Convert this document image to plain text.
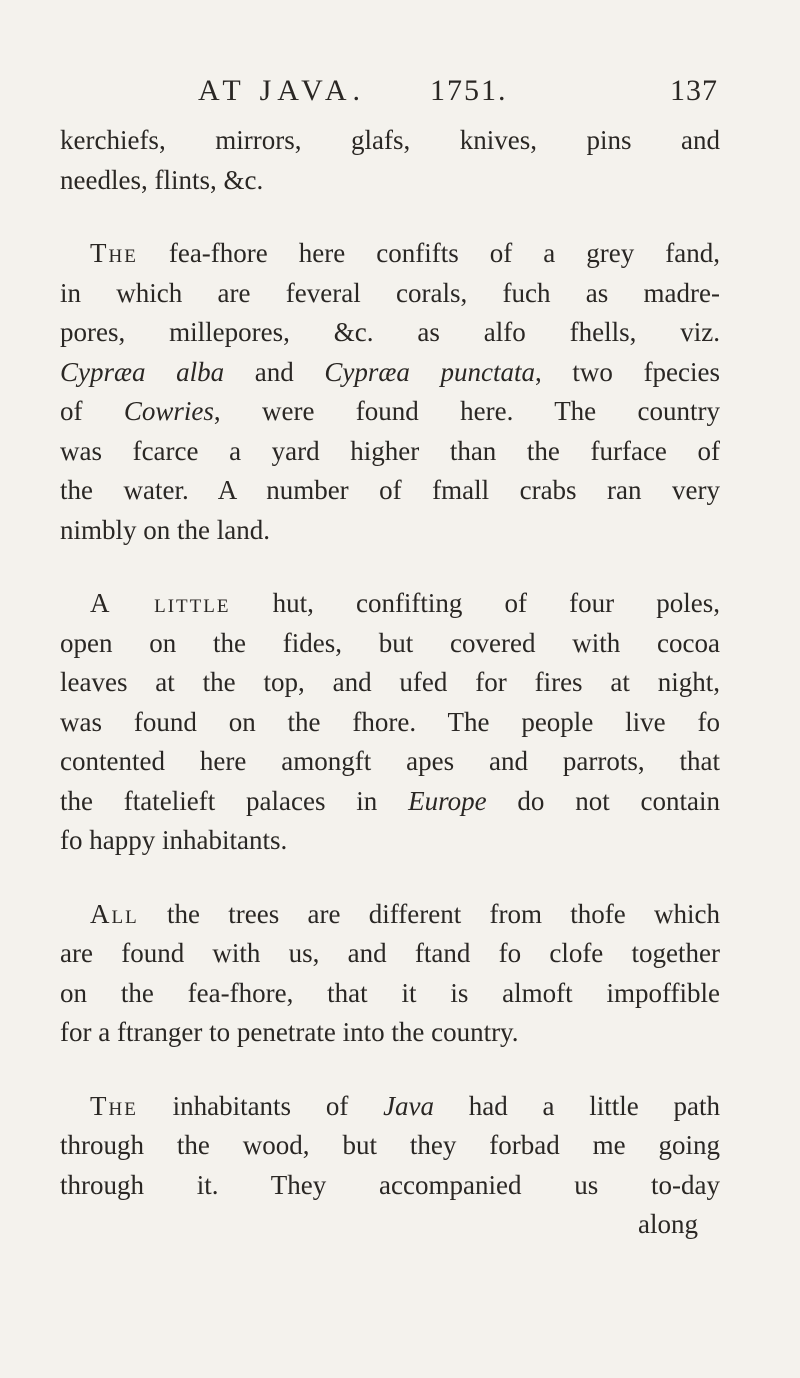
AT JAVA. 1751.	137
kerchiefs, mirrors, glafs, knives, pins and
needles, flints, &c.
The fea-fhore here confifts of a grey fand,
in which are feveral corals, fuch as madre-
pores, millepores, &c. as alfo fhells, viz.
Cypræa alba and Cypræa punctata, two fpecies
of Cowries, were found here. The country
was fcarce a yard higher than the furface of
the water. A number of fmall crabs ran very
nimbly on the land.
A little hut, confifting of four poles,
open on the fides, but covered with cocoa
leaves at the top, and ufed for fires at night,
was found on the fhore. The people live fo
contented here amongft apes and parrots, that
the ftatelieft palaces in Europe do not contain
fo happy inhabitants.
All the trees are different from thofe which
are found with us, and ftand fo clofe together
on the fea-fhore, that it is almoft impoffible
for a ftranger to penetrate into the country.
The inhabitants of Java had a little path
through the wood, but they forbad me going
through it. They accompanied us to-day
along
